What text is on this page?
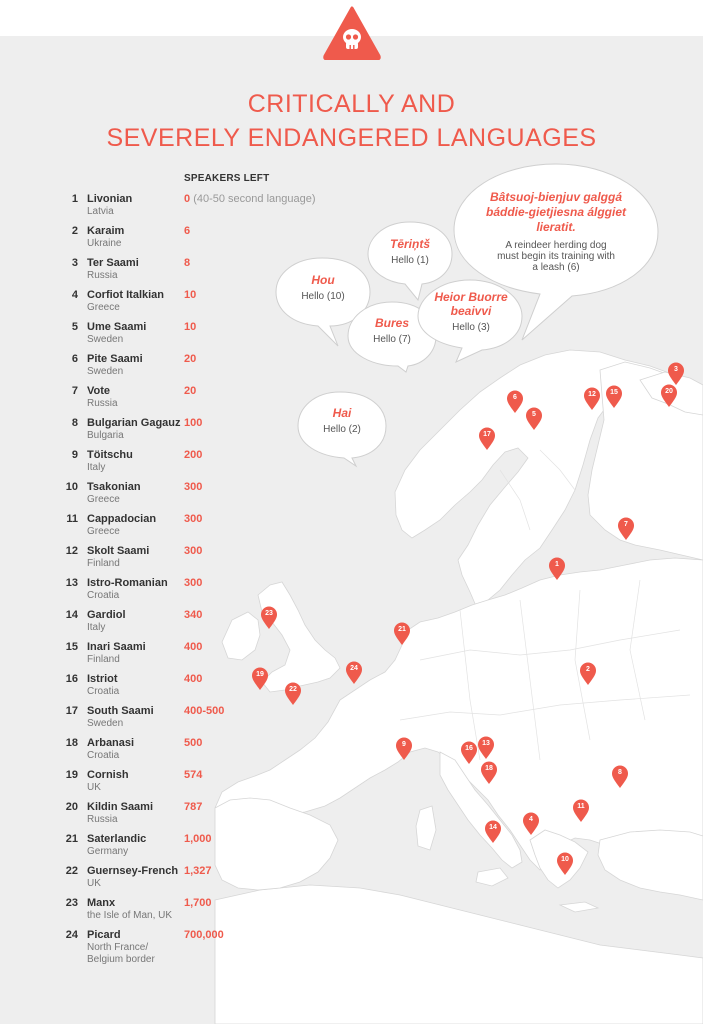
CRITICALLY AND
SEVERELY ENDANGERED LANGUAGES
SPEAKERS LEFT
1 Livonian
Latvia
0 (40-50 second language)
2 Karaim
Ukraine
6
3 Ter Saami
Russia
8
4 Corfiot Italkian
Greece
10
5 Ume Saami
Sweden
10
6 Pite Saami
Sweden
20
7 Vote
Russia
20
8 Bulgarian Gagauz
Bulgaria
100
9 Töitschu
Italy
200
10 Tsakonian
Greece
300
11 Cappadocian
Greece
300
12 Skolt Saami
Finland
300
13 Istro-Romanian
Croatia
300
14 Gardiol
Italy
340
15 Inari Saami
Finland
400
16 Istriot
Croatia
400
17 South Saami
Sweden
400-500
18 Arbanasi
Croatia
500
19 Cornish
UK
574
20 Kildin Saami
Russia
787
21 Saterlandic
Germany
1,000
22 Guernsey-French
UK
1,327
23 Manx
the Isle of Man, UK
1,700
24 Picard
North France/
Belgium border
700,000
Hou
Hello (10)
Tēriņtš
Hello (1)
Bures
Hello (7)
Heior Buorre beaivvi
Hello (3)
Bâtsuoj-bieŋjuv galggá báddie-gietjiesna álggiet lieratit.
A reindeer herding dog must begin its training with a leash (6)
Hai
Hello (2)
1
2
3
4
5
6
7
8
9
10
11
12
13
14
15
16
17
18
19
20
21
22
23
24
